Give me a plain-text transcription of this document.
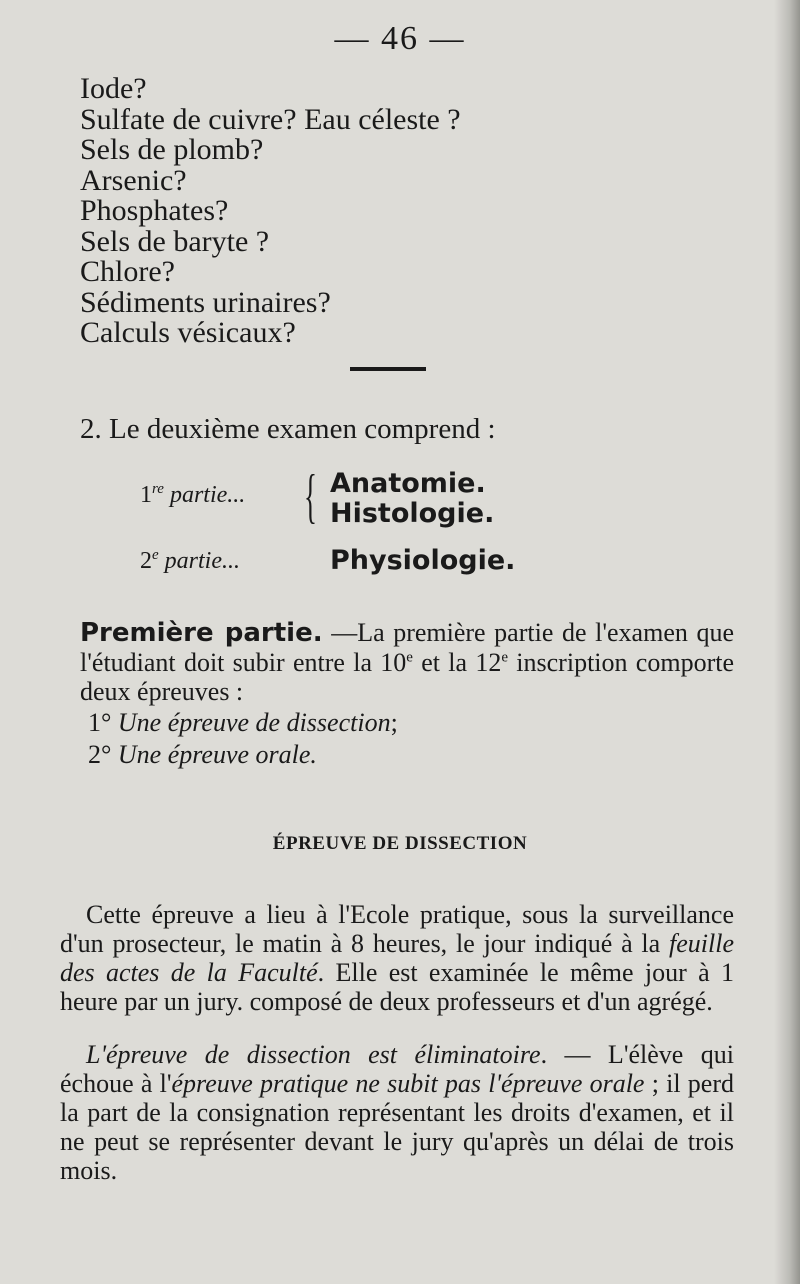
— 46 —
Iode?
Sulfate de cuivre? Eau céleste ?
Sels de plomb?
Arsenic?
Phosphates?
Sels de baryte ?
Chlore?
Sédiments urinaires?
Calculs vésicaux?
2. Le deuxième examen comprend :
1re partie... { Anatomie.
Histologie.
2e partie...	Physiologie.

Première partie. —La première partie de l'examen que l'étudiant doit subir entre la 10e et la 12e inscription comporte deux épreuves :

1° Une épreuve de dissection;
2° Une épreuve orale.
ÉPREUVE DE DISSECTION

Cette épreuve a lieu à l'Ecole pratique, sous la surveillance d'un prosecteur, le matin à 8 heures, le jour indiqué à la feuille des actes de la Faculté. Elle est examinée le même jour à 1 heure par un jury. composé de deux professeurs et d'un agrégé.

L'épreuve de dissection est éliminatoire. — L'élève qui échoue à l'épreuve pratique ne subit pas l'épreuve orale ; il perd la part de la consignation représentant les droits d'examen, et il ne peut se représenter devant le jury qu'après un délai de trois mois.
